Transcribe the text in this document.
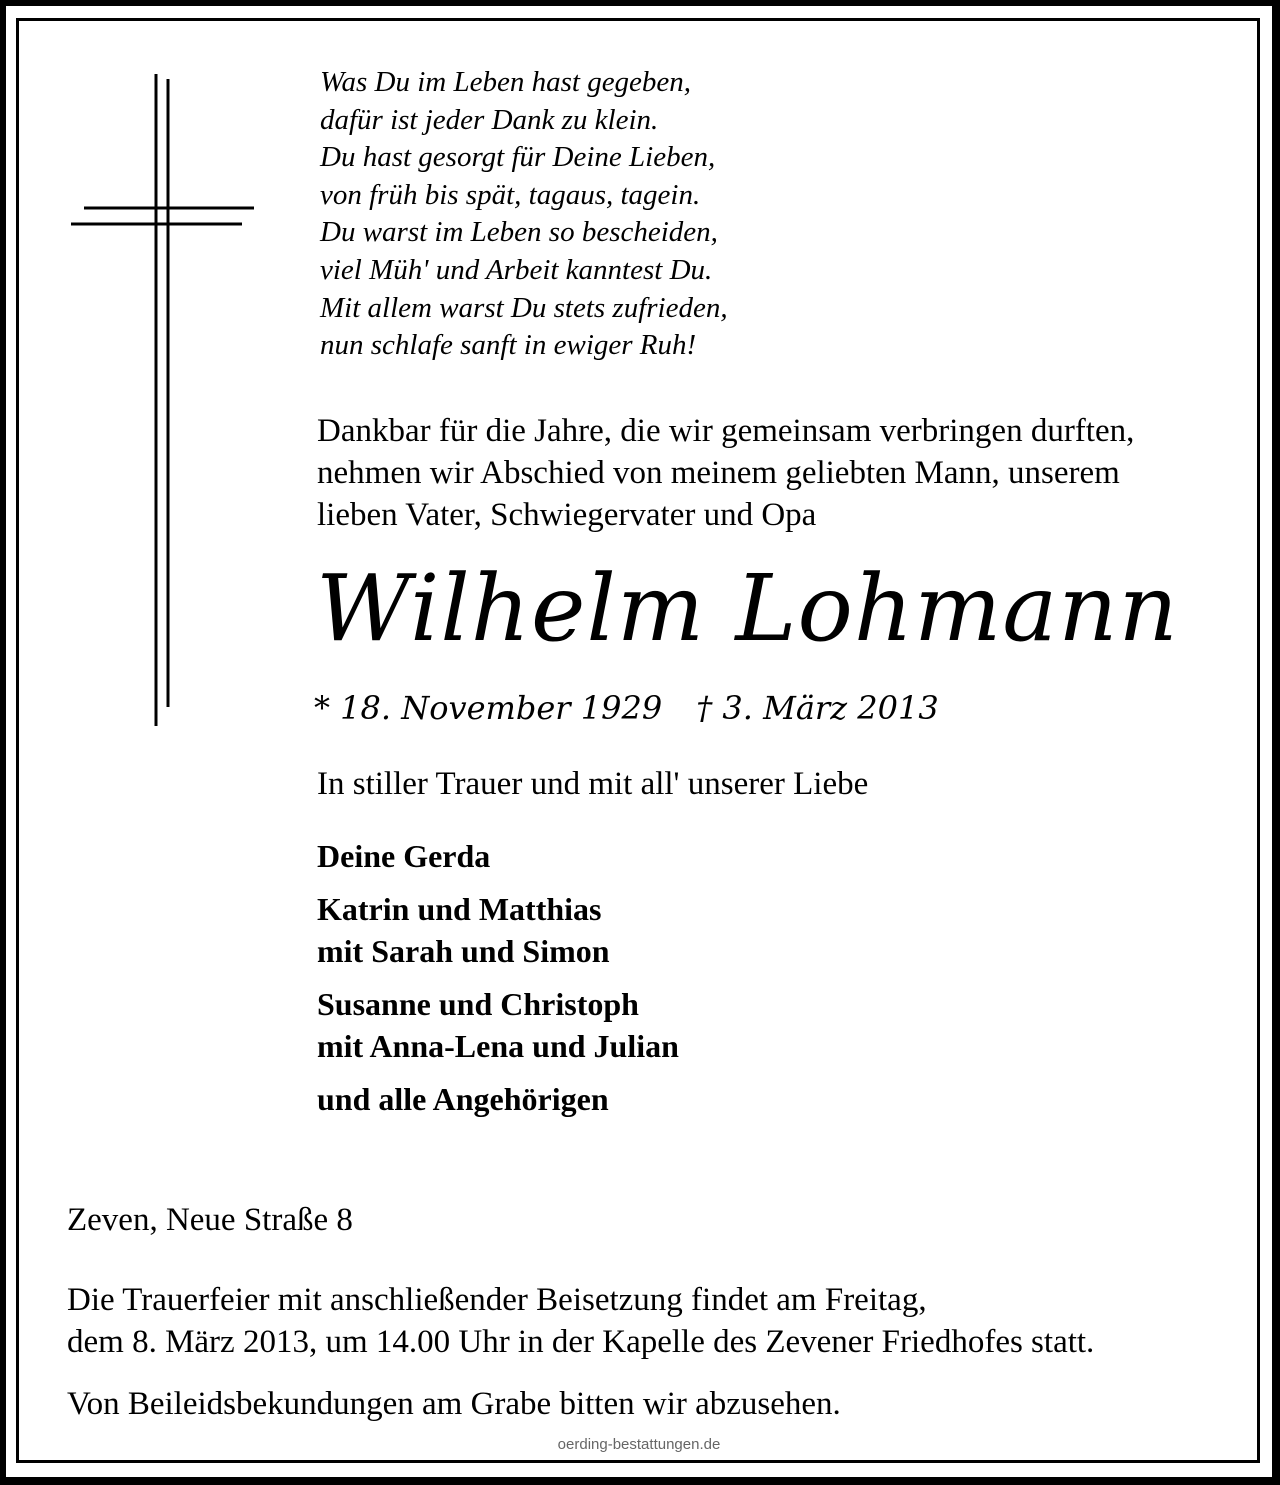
Was Du im Leben hast gegeben,
dafür ist jeder Dank zu klein.
Du hast gesorgt für Deine Lieben,
von früh bis spät, tagaus, tagein.
Du warst im Leben so bescheiden,
viel Müh' und Arbeit kanntest Du.
Mit allem warst Du stets zufrieden,
nun schlafe sanft in ewiger Ruh!
Dankbar für die Jahre, die wir gemeinsam verbringen durften,
nehmen wir Abschied von meinem geliebten Mann, unserem
lieben Vater, Schwiegervater und Opa
Wilhelm Lohmann
* 18. November 1929 † 3. März 2013
In stiller Trauer und mit all' unserer Liebe
Deine Gerda
Katrin und Matthias
mit Sarah und Simon
Susanne und Christoph
mit Anna-Lena und Julian
und alle Angehörigen
Zeven, Neue Straße 8
Die Trauerfeier mit anschließender Beisetzung findet am Freitag,
dem 8. März 2013, um 14.00 Uhr in der Kapelle des Zevener Friedhofes statt.
Von Beileidsbekundungen am Grabe bitten wir abzusehen.
oerding-bestattungen.de
